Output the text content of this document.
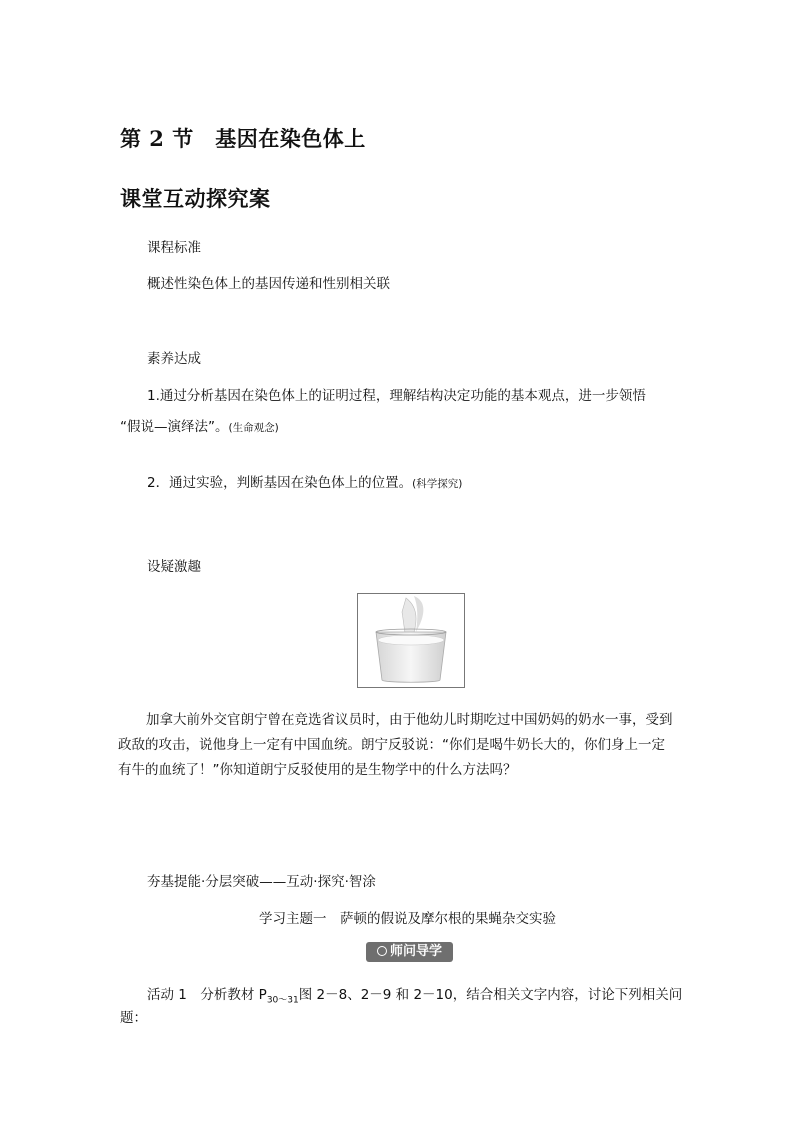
第 2 节　基因在染色体上
课堂互动探究案
课程标准
概述性染色体上的基因传递和性别相关联
素养达成
1.通过分析基因在染色体上的证明过程，理解结构决定功能的基本观点，进一步领悟
“假说—演绎法”。(生命观念)
2．通过实验，判断基因在染色体上的位置。(科学探究)
设疑激趣
加拿大前外交官朗宁曾在竞选省议员时，由于他幼儿时期吃过中国奶妈的奶水一事，受到政敌的攻击，说他身上一定有中国血统。朗宁反驳说：“你们是喝牛奶长大的，你们身上一定有牛的血统了！”你知道朗宁反驳使用的是生物学中的什么方法吗？
夯基提能·分层突破——互动·探究·智涂
学习主题一　萨顿的假说及摩尔根的果蝇杂交实验
师问导学
活动 1　分析教材 $P_{30\sim 31}$图 2－8、2－9 和 2－10，结合相关文字内容，讨论下列相关问
题：
